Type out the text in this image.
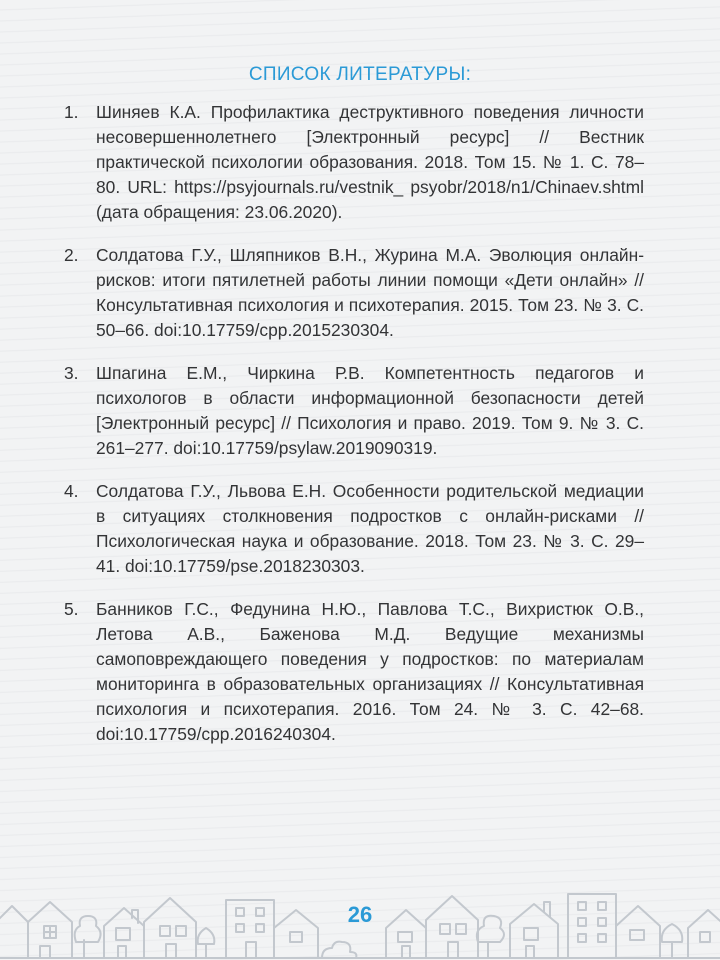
СПИСОК ЛИТЕРАТУРЫ:
1.	Шиняев К.А. Профилактика деструктивного поведения личности несовершеннолетнего [Электронный ресурс] // Вестник практической психологии образования. 2018. Том 15. № 1. С. 78–80. URL: https://psyjournals.ru/vestnik_ psyobr/2018/n1/Chinaev.shtml (дата обращения: 23.06.2020).
2.	Солдатова Г.У., Шляпников В.Н., Журина М.А. Эволюция онлайн-рисков: итоги пятилетней работы линии помощи «Дети онлайн» // Консультативная психология и психотерапия. 2015. Том 23. № 3. С. 50–66. doi:10.17759/cpp.2015230304.
3.	Шпагина Е.М., Чиркина Р.В. Компетентность педагогов и психологов в области информационной безопасности детей [Электронный ресурс] // Психология и право. 2019. Том 9. № 3. С. 261–277. doi:10.17759/psylaw.2019090319.
4.	Солдатова Г.У., Львова Е.Н. Особенности родительской медиации в ситуациях столкновения подростков с онлайн-рисками // Психологическая наука и образование. 2018. Том 23. № 3. С. 29–41. doi:10.17759/pse.2018230303.
5.	Банников Г.С., Федунина Н.Ю., Павлова Т.С., Вихристюк О.В., Летова А.В., Баженова М.Д. Ведущие механизмы самоповреждающего поведения у подростков: по материалам мониторинга в образовательных организациях // Консультативная психология и психотерапия. 2016. Том 24. № 3. С. 42–68. doi:10.17759/cpp.2016240304.

26
